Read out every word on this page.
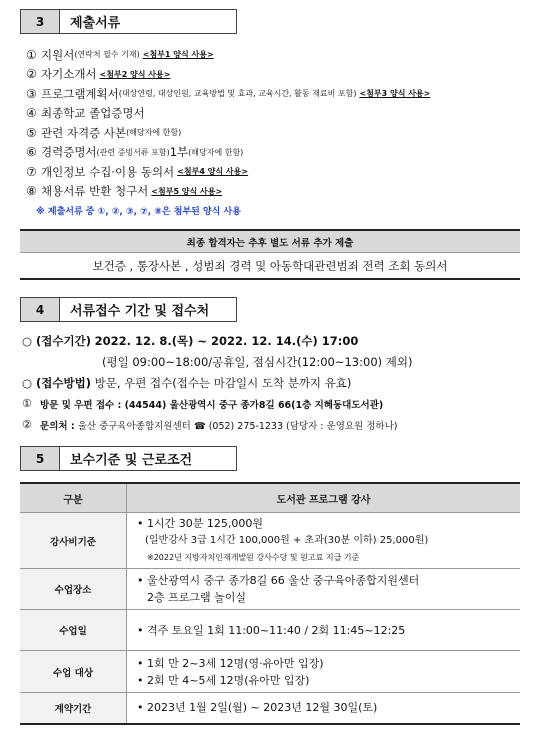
3	제출서류
① 지원서 (연락처 필수 기재) <첨부1 양식 사용>
② 자기소개서 <첨부2 양식 사용>
③ 프로그램계획서 (대상연령, 대상인원, 교육방법 및 효과, 교육시간, 활동 재료비 포함) <첨부3 양식 사용>
④ 최종학교 졸업증명서
⑤ 관련 자격증 사본 (해당자에 한함)
⑥ 경력증명서 (관련 증빙서류 포함) 1부 (해당자에 한함)
⑦ 개인정보 수집·이용 동의서 <첨부4 양식 사용>
⑧ 채용서류 반환 청구서 <첨부5 양식 사용>
※ 제출서류 중 ①, ②, ③, ⑦, ⑧은 첨부된 양식 사용
최종 합격자는 추후 별도 서류 추가 제출
보건증 , 통장사본 , 성범죄 경력 및 아동학대관련범죄 전력 조회 동의서
4	서류접수 기간 및 접수처
○ (접수기간)
2022. 12. 8.(목) ~ 2022. 12. 14.(수) 17:00
(평일 09:00~18:00/공휴일, 점심시간(12:00~13:00) 제외)
○ (접수방법)
방문, 우편 접수(접수는 마감일시 도착 분까지 유효)
①
방문 및 우편 접수 : (44544) 울산광역시 중구 종가8길 66(1층 지혜동대도서관)
②
문의처 :
울산 중구육아종합지원센터 ☎ (052) 275-1233 (담당자 : 운영요원 정하나)
5	보수기준 및 근로조건
구분	도서관 프로그램 강사
강사비기준	• 1시간 30분 125,000원
(일반강사 3급 1시간 100,000원 + 초과(30분 이하) 25,000원)
※2022년 지방자치인재개발원 강사수당 및 원고료 지급 기준

수업장소	• 울산광역시 중구 종가8길 66 울산 중구육아종합지원센터
2층 프로그램 놀이실

수업일	• 격주 토요일 1회 11:00~11:40 / 2회 11:45~12:25

수업 대상	• 1회 만 2~3세 12명(영·유아만 입장)
• 2회 만 4~5세 12명(유아만 입장)

계약기간	• 2023년 1월 2일(월) ~ 2023년 12월 30일(토)
